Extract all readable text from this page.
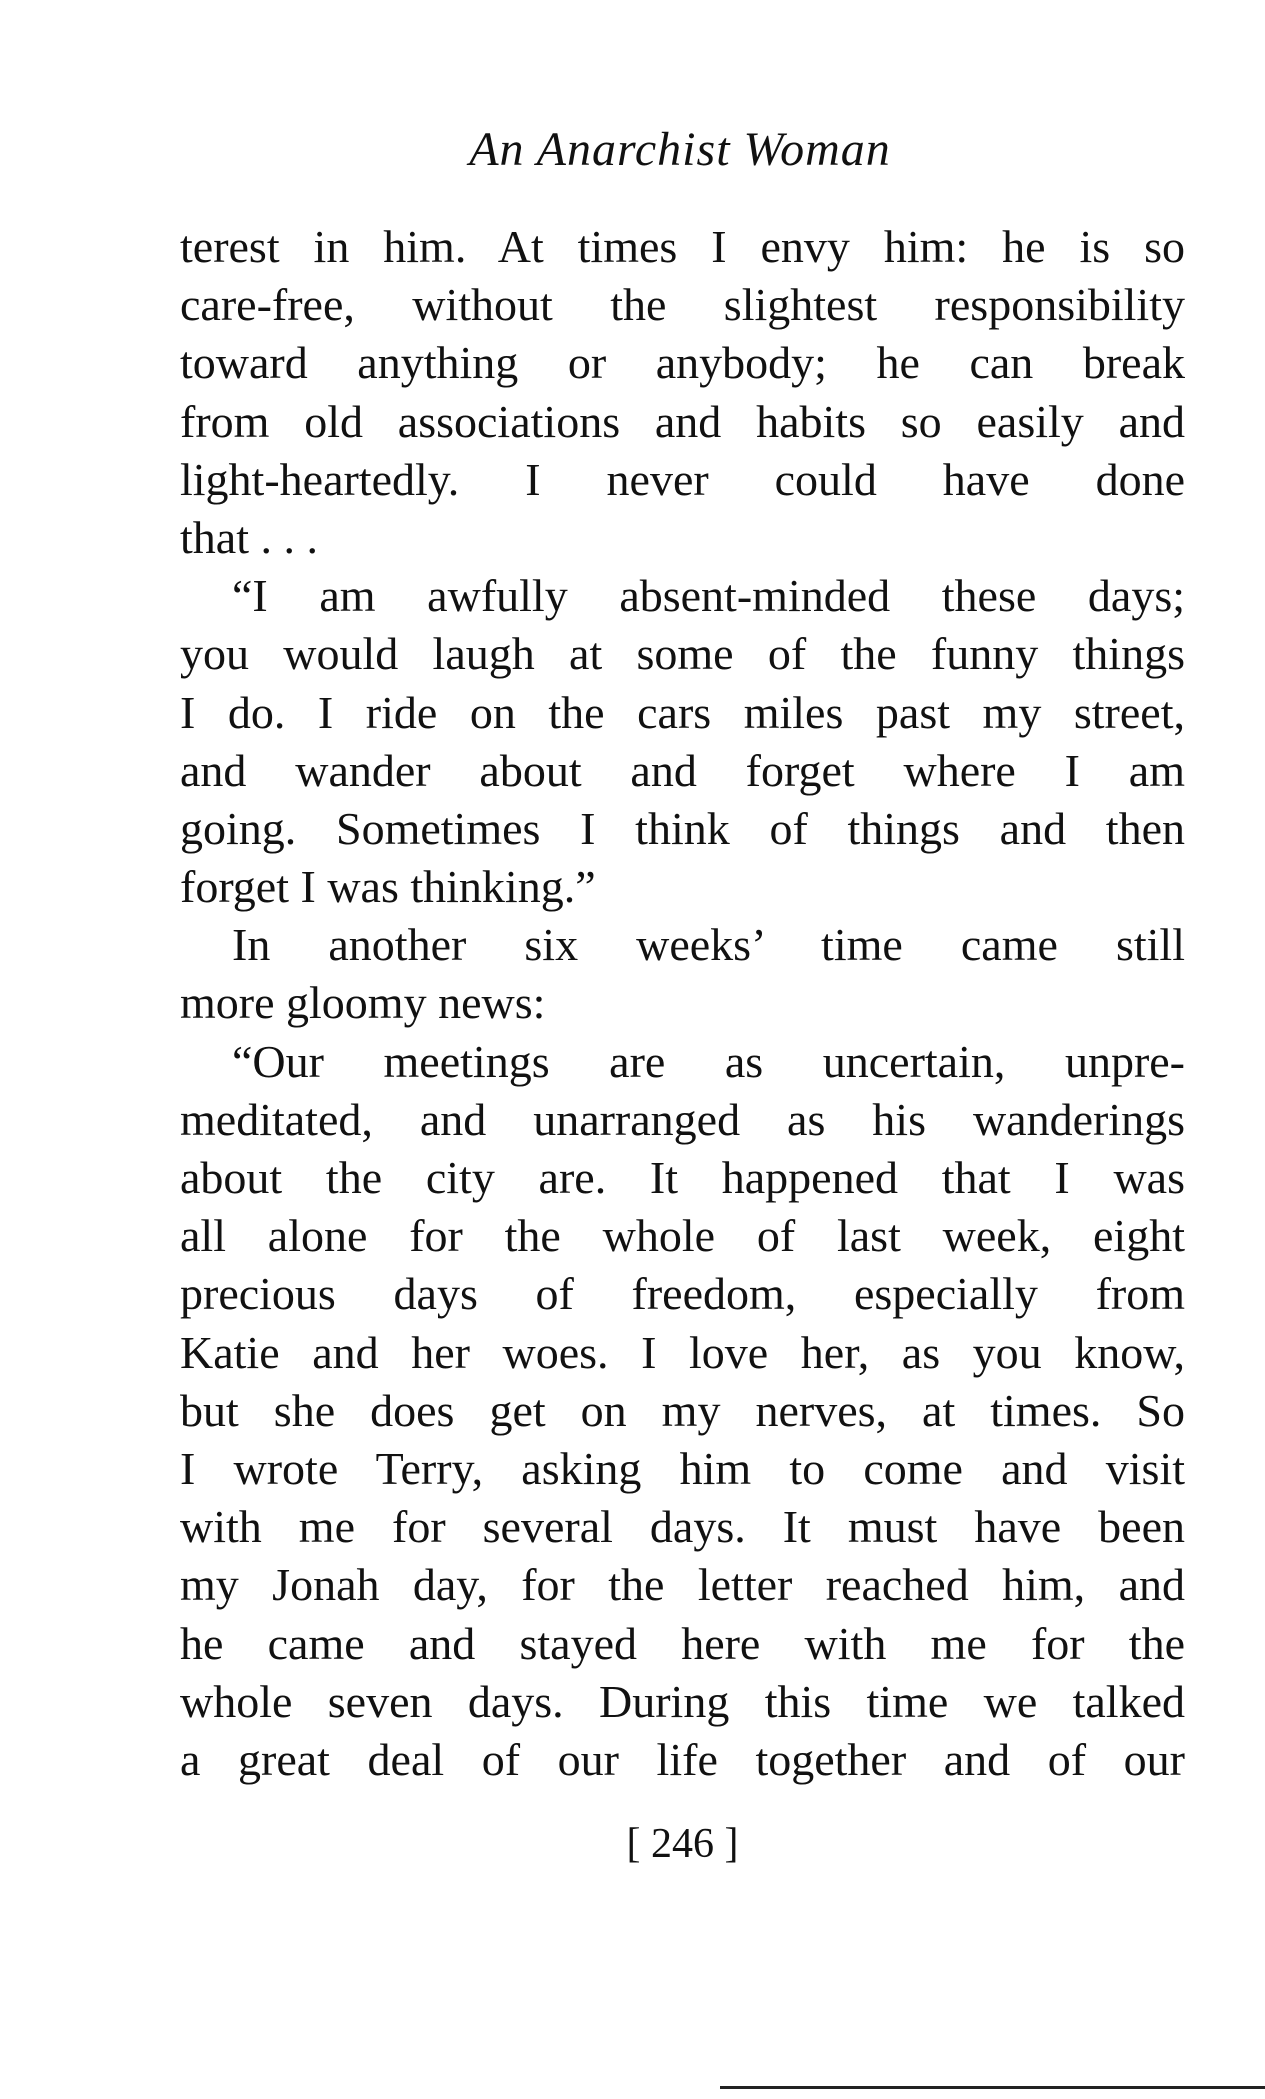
An Anarchist Woman
terest in him. At times I envy him: he is so
care-free, without the slightest responsibility
toward anything or anybody; he can break
from old associations and habits so easily and
light-heartedly. I never could have done
that . . .
“I am awfully absent-minded these days;
you would laugh at some of the funny things
I do. I ride on the cars miles past my street,
and wander about and forget where I am
going. Sometimes I think of things and then
forget I was thinking.”
In another six weeks’ time came still
more gloomy news:
“Our meetings are as uncertain, unpre-
meditated, and unarranged as his wanderings
about the city are. It happened that I was
all alone for the whole of last week, eight
precious days of freedom, especially from
Katie and her woes. I love her, as you know,
but she does get on my nerves, at times. So
I wrote Terry, asking him to come and visit
with me for several days. It must have been
my Jonah day, for the letter reached him, and
he came and stayed here with me for the
whole seven days. During this time we talked
a great deal of our life together and of our
[ 246 ]
